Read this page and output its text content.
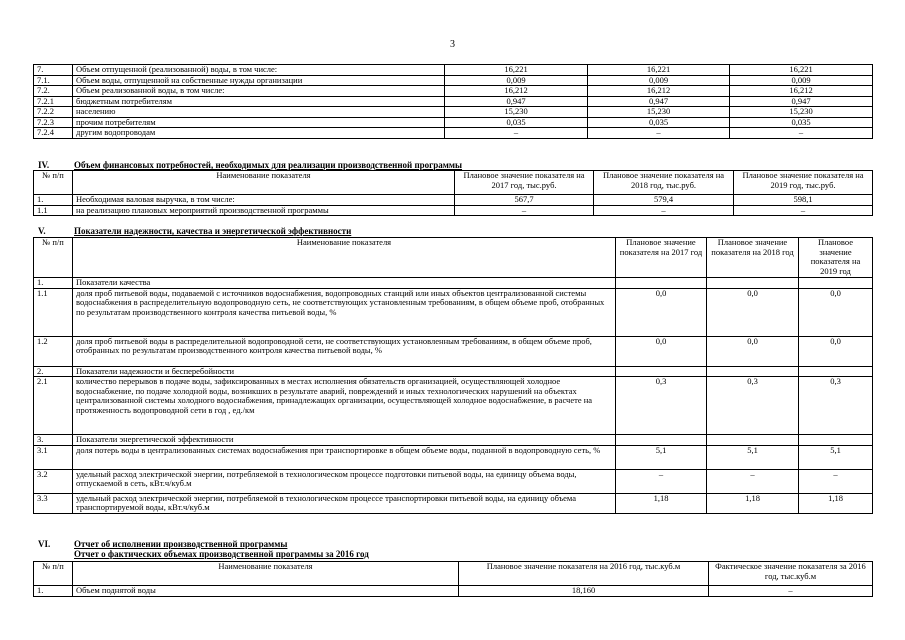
3
7.	Объем отпущенной (реализованной) воды, в том числе:	16,221	16,221	16,221
7.1.	Объем воды, отпущенной на собственные нужды организации	0,009	0,009	0,009
7.2.	Объем реализованной воды, в том числе:	16,212	16,212	16,212
7.2.1	бюджетным потребителям	0,947	0,947	0,947
7.2.2	населению	15,230	15,230	15,230
7.2.3	прочим потребителям	0,035	0,035	0,035
7.2.4	другим водопроводам	–	–	–
IV.	Объем финансовых потребностей, необходимых для реализации производственной программы
№ п/п	Наименование показателя	Плановое значение показателя на 2017 год, тыс.руб.	Плановое значение показателя на 2018 год, тыс.руб.	Плановое значение показателя на 2019 год, тыс.руб.
1.	Необходимая валовая выручка, в том числе:	567,7	579,4	598,1
1.1	на реализацию плановых мероприятий производственной программы	–	–	–
V.	Показатели надежности, качества и энергетической эффективности
№ п/п	Наименование показателя	Плановое значение показателя на 2017 год	Плановое значение показателя на 2018 год	Плановое значение показателя на 2019 год
1.	Показатели качества			
1.1	доля проб питьевой воды, подаваемой с источников водоснабжения, водопроводных станций или иных объектов централизованной системы водоснабжения в распределительную водопроводную сеть, не соответствующих установленным требованиям, в общем объеме проб, отобранных по результатам производственного контроля качества питьевой воды, %	0,0	0,0	0,0
1.2	доля проб питьевой воды в распределительной водопроводной сети, не соответствующих установленным требованиям, в общем объеме проб, отобранных по результатам производственного контроля качества питьевой воды, %	0,0	0,0	0,0
2.	Показатели надежности и бесперебойности			
2.1	количество перерывов в подаче воды, зафиксированных в местах исполнения обязательств организацией, осуществляющей холодное водоснабжение, по подаче холодной воды, возникших в результате аварий, повреждений и иных технологических нарушений на объектах централизованной системы холодного водоснабжения, принадлежащих организации, осуществляющей холодное водоснабжение, в расчете на протяженность водопроводной сети в год , ед./км	0,3	0,3	0,3
3.	Показатели энергетической эффективности			
3.1	доля потерь воды в централизованных системах водоснабжения при транспортировке в общем объеме воды, поданной в водопроводную сеть, %	5,1	5,1	5,1
3.2	удельный расход электрической энергии, потребляемой в технологическом процессе подготовки питьевой воды, на единицу объема воды, отпускаемой в сеть, кВт.ч/куб.м	–	–	–
3.3	удельный расход электрической энергии, потребляемой в технологическом процессе транспортировки питьевой воды, на единицу объема транспортируемой воды, кВт.ч/куб.м	1,18	1,18	1,18
VI.	Отчет об исполнении производственной программы
Отчет о фактических объемах производственной программы за 2016 год
№ п/п	Наименование показателя	Плановое значение показателя на 2016 год, тыс.куб.м	Фактическое значение показателя за 2016 год, тыс.куб.м
1.	Объем поднятой воды	18,160	–
